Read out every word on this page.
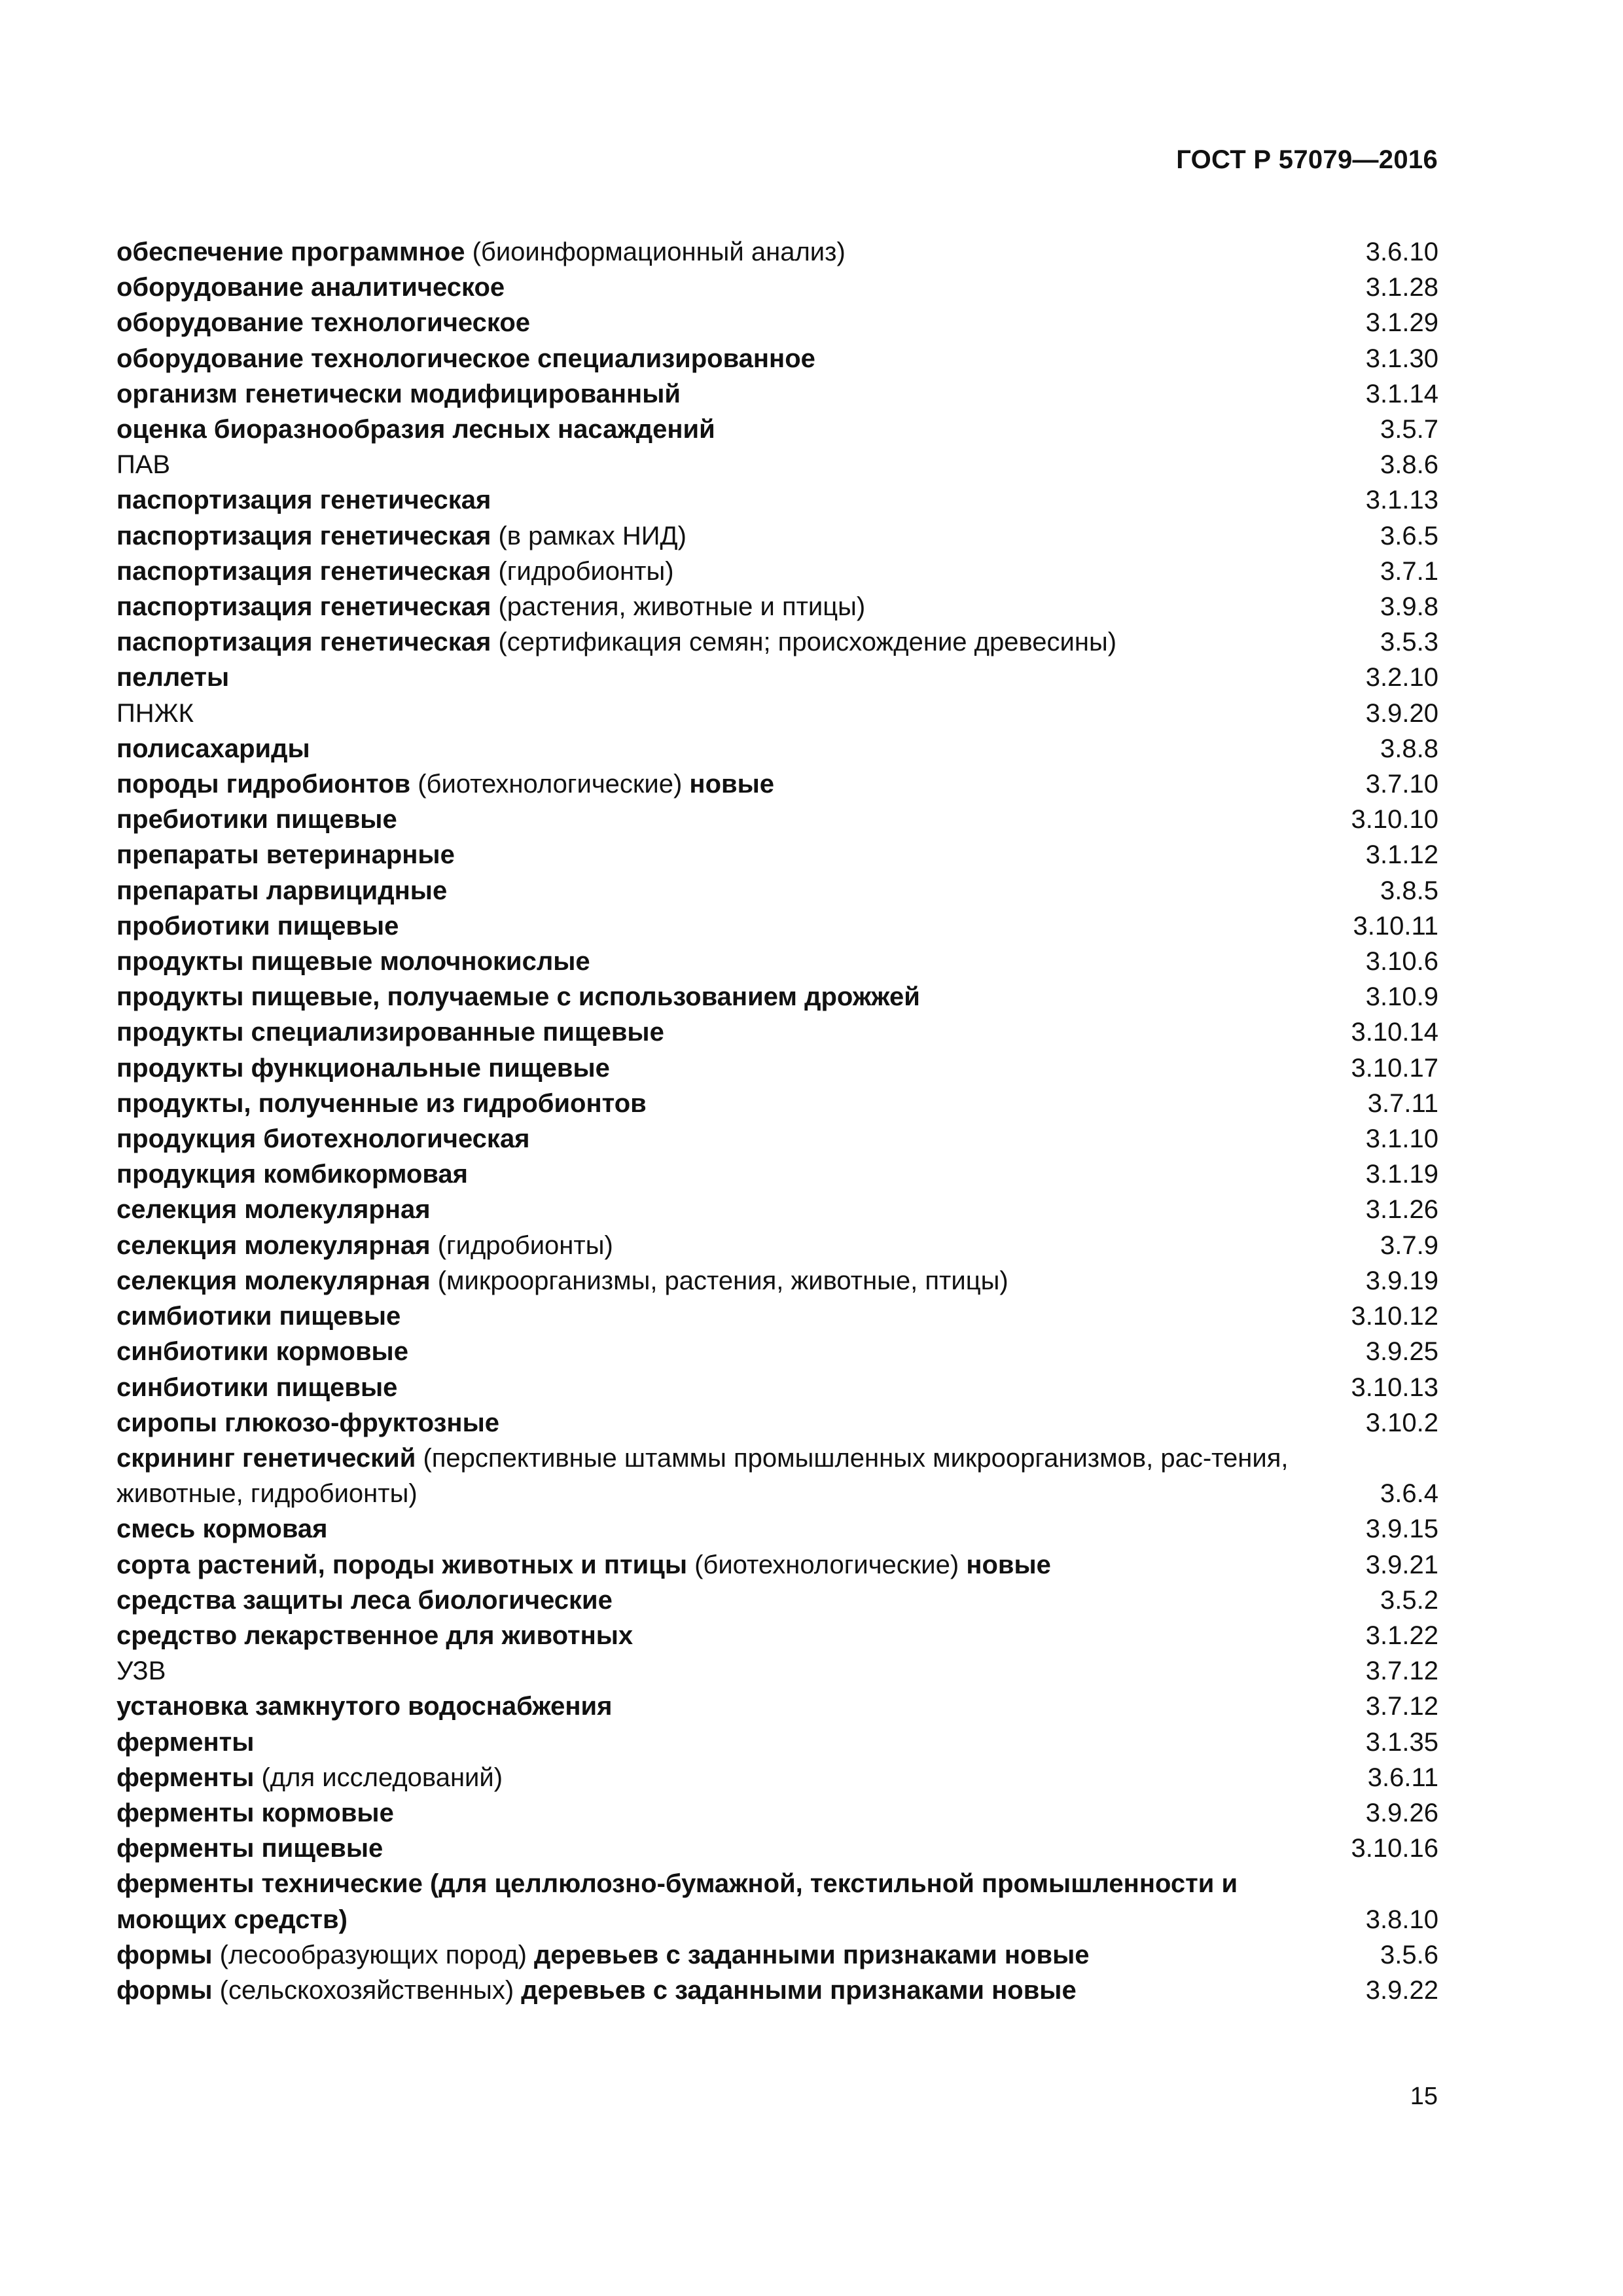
ГОСТ Р 57079—2016
обеспечение программное (биоинформационный анализ)	3.6.10
оборудование аналитическое	3.1.28
оборудование технологическое	3.1.29
оборудование технологическое специализированное	3.1.30
организм генетически модифицированный	3.1.14
оценка биоразнообразия лесных насаждений	3.5.7
ПАВ	3.8.6
паспортизация генетическая	3.1.13
паспортизация генетическая (в рамках НИД)	3.6.5
паспортизация генетическая (гидробионты)	3.7.1
паспортизация генетическая (растения, животные и птицы)	3.9.8
паспортизация генетическая (сертификация семян; происхождение древесины)	3.5.3
пеллеты	3.2.10
ПНЖК	3.9.20
полисахариды	3.8.8
породы гидробионтов (биотехнологические) новые	3.7.10
пребиотики пищевые	3.10.10
препараты ветеринарные	3.1.12
препараты ларвицидные	3.8.5
пробиотики пищевые	3.10.11
продукты пищевые молочнокислые	3.10.6
продукты пищевые, получаемые с использованием дрожжей	3.10.9
продукты специализированные пищевые	3.10.14
продукты функциональные пищевые	3.10.17
продукты, полученные из гидробионтов	3.7.11
продукция биотехнологическая	3.1.10
продукция комбикормовая	3.1.19
селекция молекулярная	3.1.26
селекция молекулярная (гидробионты)	3.7.9
селекция молекулярная (микроорганизмы, растения, животные, птицы)	3.9.19
симбиотики пищевые	3.10.12
синбиотики кормовые	3.9.25
синбиотики пищевые	3.10.13
сиропы глюкозо-фруктозные	3.10.2
скрининг генетический (перспективные штаммы промышленных микроорганизмов, рас-тения, животные, гидробионты)	3.6.4
смесь кормовая	3.9.15
сорта растений, породы животных и птицы (биотехнологические) новые	3.9.21
средства защиты леса биологические	3.5.2
средство лекарственное для животных	3.1.22
УЗВ	3.7.12
установка замкнутого водоснабжения	3.7.12
ферменты	3.1.35
ферменты (для исследований)	3.6.11
ферменты кормовые	3.9.26
ферменты пищевые	3.10.16
ферменты технические (для целлюлозно-бумажной, текстильной промышленности и моющих средств)	3.8.10
формы (лесообразующих пород) деревьев с заданными признаками новые	3.5.6
формы (сельскохозяйственных) деревьев с заданными признаками новые	3.9.22
15
